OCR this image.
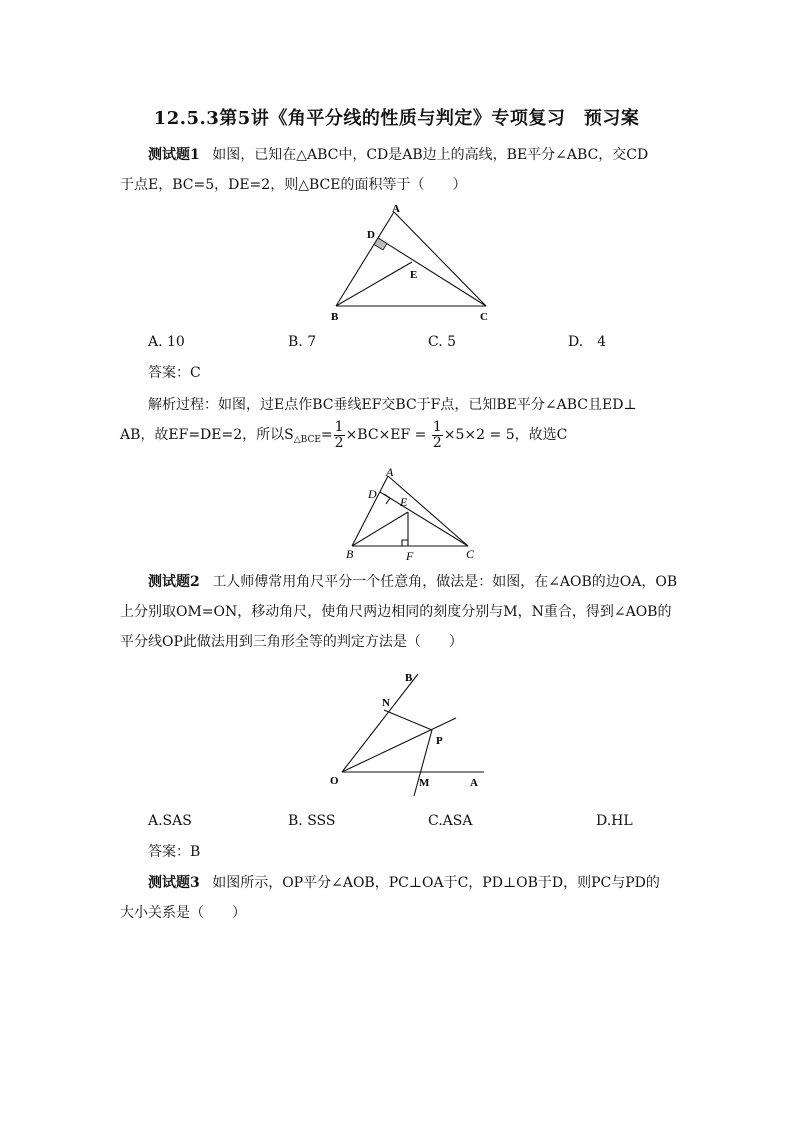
12.5.3第5讲《角平分线的性质与判定》专项复习　预习案
测试题1 如图，已知在△ABC中，CD是AB边上的高线，BE平分∠ABC，交CD
于点E，BC=5，DE=2，则△BCE的面积等于（　　）
A
B	C
D
E
A. 10	B. 7	C. 5	D.　4
答案：C
解析过程：如图，过E点作BC垂线EF交BC于F点，已知BE平分∠ABC且ED⊥
AB，故EF=DE=2，所以$S_{\triangle BCE}= \frac{1}{2} \times BC\times EF = \frac{1}{2} \times 5\times 2 = 5$，故选C
A
B	C
D
E
F
测试题2 工人师傅常用角尺平分一个任意角，做法是：如图，在∠AOB的边OA，OB
上分别取OM=ON，移动角尺，使角尺两边相同的刻度分别与M，N重合，得到∠AOB的
平分线OP此做法用到三角形全等的判定方法是（　　）
B
N
P
O	M	A
A.SAS	B. SSS	C.ASA	D.HL
答案：B
测试题3 如图所示，OP平分∠AOB，PC⊥OA于C，PD⊥OB于D，则PC与PD的
大小关系是（　　）
